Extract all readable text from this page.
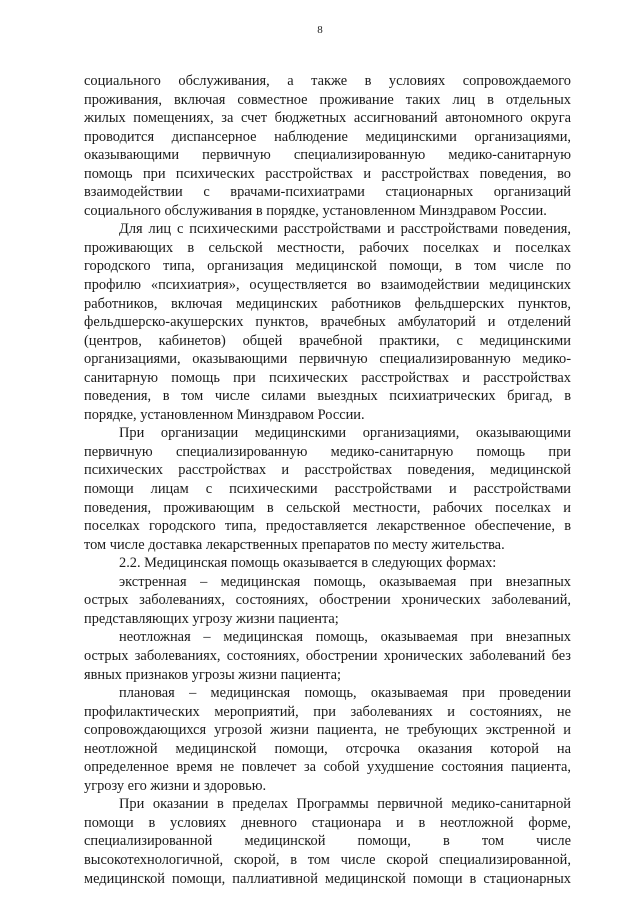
8
социального обслуживания, а также в условиях сопровождаемого
проживания, включая совместное проживание таких лиц в отдельных
жилых помещениях, за счет бюджетных ассигнований автономного округа
проводится диспансерное наблюдение медицинскими организациями,
оказывающими первичную специализированную медико-санитарную
помощь при психических расстройствах и расстройствах поведения, во
взаимодействии с врачами-психиатрами стационарных организаций
социального обслуживания в порядке, установленном Минздравом России.
Для лиц с психическими расстройствами и расстройствами поведения,
проживающих в сельской местности, рабочих поселках и поселках
городского типа, организация медицинской помощи, в том числе по
профилю «психиатрия», осуществляется во взаимодействии медицинских
работников, включая медицинских работников фельдшерских пунктов,
фельдшерско-акушерских пунктов, врачебных амбулаторий и отделений
(центров, кабинетов) общей врачебной практики, с медицинскими
организациями, оказывающими первичную специализированную медико-
санитарную помощь при психических расстройствах и расстройствах
поведения, в том числе силами выездных психиатрических бригад, в
порядке, установленном Минздравом России.
При организации медицинскими организациями, оказывающими
первичную специализированную медико-санитарную помощь при
психических расстройствах и расстройствах поведения, медицинской
помощи лицам с психическими расстройствами и расстройствами
поведения, проживающим в сельской местности, рабочих поселках и
поселках городского типа, предоставляется лекарственное обеспечение, в
том числе доставка лекарственных препаратов по месту жительства.
2.2. Медицинская помощь оказывается в следующих формах:
экстренная – медицинская помощь, оказываемая при внезапных
острых заболеваниях, состояниях, обострении хронических заболеваний,
представляющих угрозу жизни пациента;
неотложная – медицинская помощь, оказываемая при внезапных
острых заболеваниях, состояниях, обострении хронических заболеваний без
явных признаков угрозы жизни пациента;
плановая – медицинская помощь, оказываемая при проведении
профилактических мероприятий, при заболеваниях и состояниях, не
сопровождающихся угрозой жизни пациента, не требующих экстренной и
неотложной медицинской помощи, отсрочка оказания которой на
определенное время не повлечет за собой ухудшение состояния пациента,
угрозу его жизни и здоровью.
При оказании в пределах Программы первичной медико-санитарной
помощи в условиях дневного стационара и в неотложной форме,
специализированной медицинской помощи, в том числе
высокотехнологичной, скорой, в том числе скорой специализированной,
медицинской помощи, паллиативной медицинской помощи в стационарных
